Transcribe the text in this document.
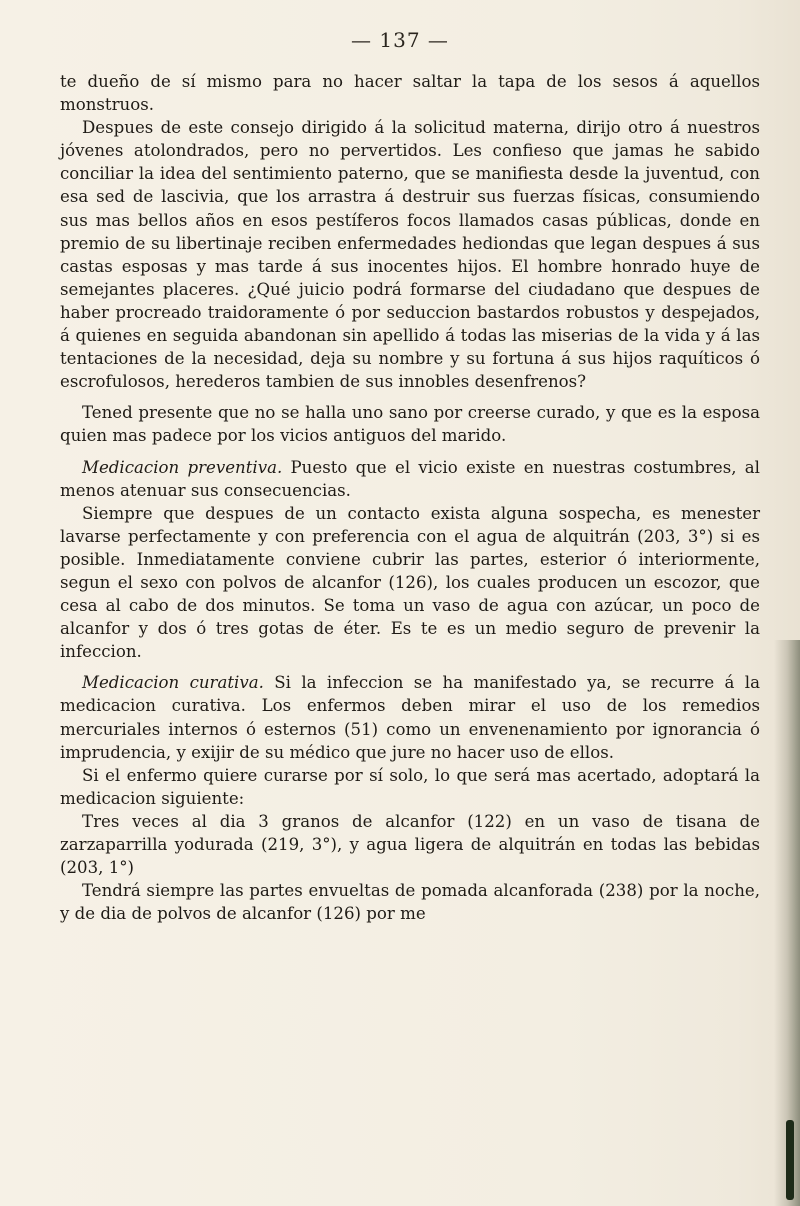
— 137 —

te dueño de sí mismo para no hacer saltar la tapa de los sesos á aquellos monstruos.

Despues de este consejo dirigido á la solicitud materna, dirijo otro á nuestros jóvenes atolondrados, pero no pervertidos. Les confieso que jamas he sabido conciliar la idea del sentimiento paterno, que se manifiesta desde la juventud, con esa sed de lascivia, que los arrastra á destruir sus fuerzas físicas, consumiendo sus mas bellos años en esos pestíferos focos llamados casas públicas, donde en premio de su libertinaje reciben enfermedades hediondas que legan despues á sus castas esposas y mas tarde á sus inocentes hijos. El hombre honrado huye de semejantes placeres. ¿Qué juicio podrá formarse del ciudadano que despues de haber procreado traidoramente ó por seduccion bastardos robustos y despejados, á quienes en seguida abandonan sin apellido á todas las miserias de la vida y á las tentaciones de la necesidad, deja su nombre y su fortuna á sus hijos raquíticos ó escrofulosos, herederos tambien de sus innobles desenfrenos?

Tened presente que no se halla uno sano por creerse curado, y que es la esposa quien mas padece por los vicios antiguos del marido.

Medicacion preventiva. Puesto que el vicio existe en nuestras costumbres, al menos atenuar sus consecuencias.

Siempre que despues de un contacto exista alguna sospecha, es menester lavarse perfectamente y con preferencia con el agua de alquitrán (203, 3°) si es posible. Inmediatamente conviene cubrir las partes, esterior ó interiormente, segun el sexo con polvos de alcanfor (126), los cuales producen un escozor, que cesa al cabo de dos minutos. Se toma un vaso de agua con azúcar, un poco de alcanfor y dos ó tres gotas de éter. Es te es un medio seguro de prevenir la infeccion.

Medicacion curativa. Si la infeccion se ha manifestado ya, se recurre á la medicacion curativa. Los enfermos deben mirar el uso de los remedios mercuriales internos ó esternos (51) como un envenenamiento por ignorancia ó imprudencia, y exijir de su médico que jure no hacer uso de ellos.

Si el enfermo quiere curarse por sí solo, lo que será mas acertado, adoptará la medicacion siguiente:

Tres veces al dia 3 granos de alcanfor (122) en un vaso de tisana de zarzaparrilla yodurada (219, 3°), y agua ligera de alquitrán en todas las bebidas (203, 1°)

Tendrá siempre las partes envueltas de pomada alcanforada (238) por la noche, y de dia de polvos de alcanfor (126) por me
